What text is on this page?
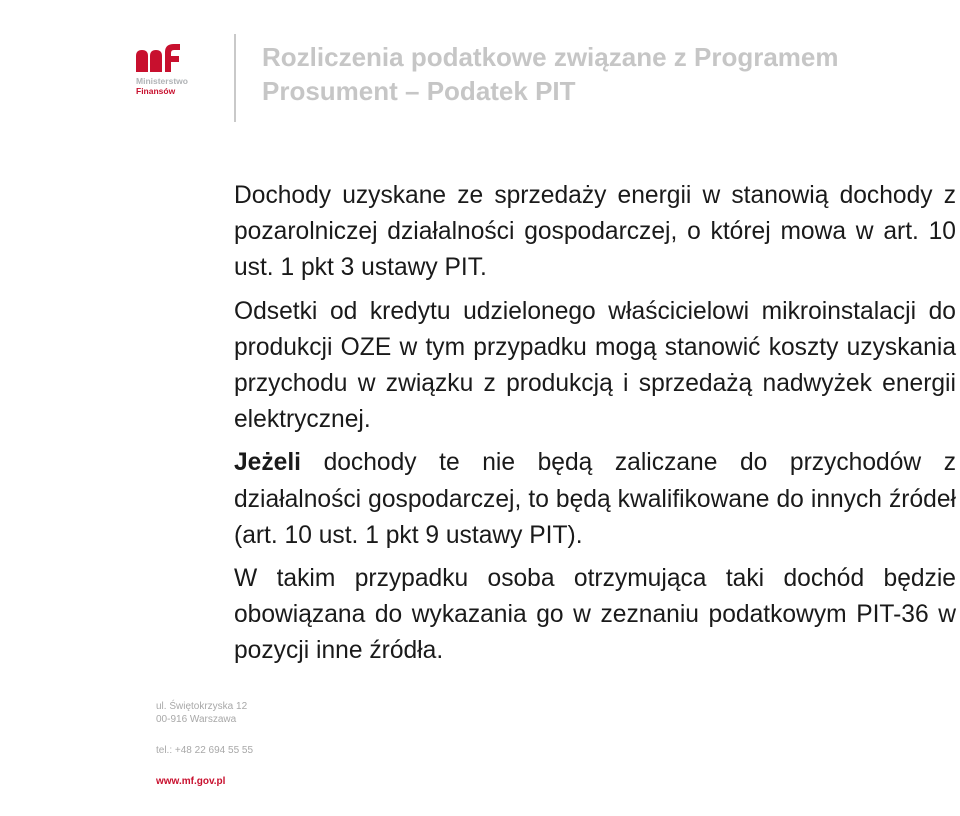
Ministerstwo
Finansów
Rozliczenia podatkowe związane z Programem Prosument – Podatek PIT

Dochody uzyskane ze sprzedaży energii w stanowią dochody z pozarolniczej działalności gospodarczej, o której mowa w art. 10 ust. 1 pkt 3 ustawy PIT.

Odsetki od kredytu udzielonego właścicielowi mikroinstalacji do produkcji OZE w tym przypadku mogą stanowić koszty uzyskania przychodu w związku z produkcją i sprzedażą nadwyżek energii elektrycznej.

Jeżeli dochody te nie będą zaliczane do przychodów z działalności gospodarczej, to będą kwalifikowane do innych źródeł (art. 10 ust. 1 pkt 9 ustawy PIT).

W takim przypadku osoba otrzymująca taki dochód będzie obowiązana do wykazania go w zeznaniu podatkowym PIT-36 w pozycji inne źródła.

ul. Świętokrzyska 12
00-916 Warszawa
tel.: +48 22 694 55 55
www.mf.gov.pl
